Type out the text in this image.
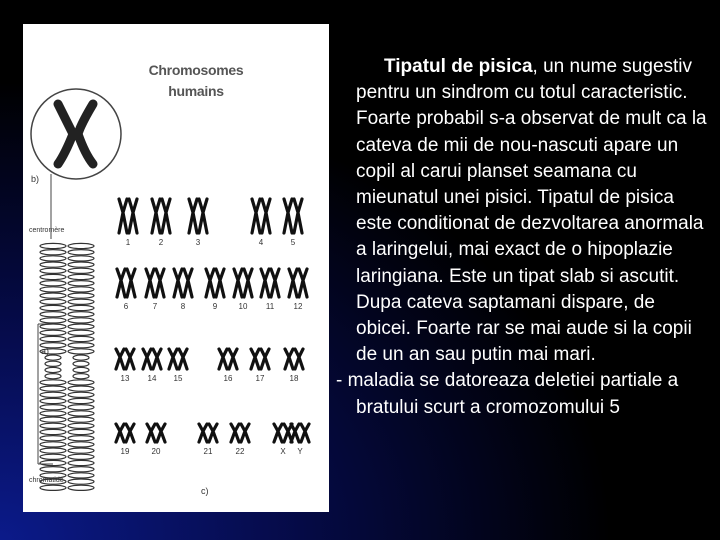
b)
centromère
a)
chromatide
c)
1	2	3	4	5
6	7	8	9	10 11 12
13 14 15	16	17	18
19	20	21	22	X Y
Chromosomes
humains

Tipatul de pisica, un nume sugestiv pentru un sindrom cu totul caracteristic. Foarte probabil s-a observat de mult ca la cateva de mii de nou-nascuti apare un copil al carui planset seamana cu mieunatul unei pisici. Tipatul de pisica este conditionat de dezvoltarea anormala a laringelui, mai exact de o hipoplazie laringiana. Este un tipat slab si ascutit. Dupa cateva saptamani dispare, de obicei. Foarte rar se mai aude si la copii de un an sau putin mai mari.

- maladia se datoreaza deletiei partiale a bratului scurt a cromozomului 5
